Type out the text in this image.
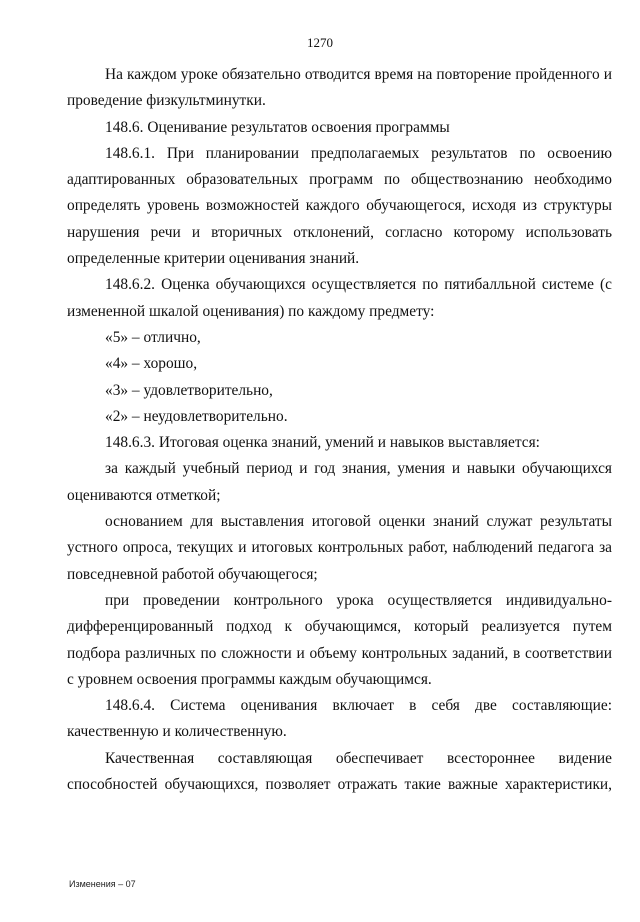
1270

На каждом уроке обязательно отводится время на повторение пройденного и проведение физкультминутки.

148.6. Оценивание результатов освоения программы

148.6.1. При планировании предполагаемых результатов по освоению адаптированных образовательных программ по обществознанию необходимо определять уровень возможностей каждого обучающегося, исходя из структуры нарушения речи и вторичных отклонений, согласно которому использовать определенные критерии оценивания знаний.

148.6.2. Оценка обучающихся осуществляется по пятибалльной системе (с измененной шкалой оценивания) по каждому предмету:

«5» – отлично,

«4» – хорошо,

«3» – удовлетворительно,

«2» – неудовлетворительно.

148.6.3. Итоговая оценка знаний, умений и навыков выставляется:

за каждый учебный период и год знания, умения и навыки обучающихся оцениваются отметкой;

основанием для выставления итоговой оценки знаний служат результаты устного опроса, текущих и итоговых контрольных работ, наблюдений педагога за повседневной работой обучающегося;

при проведении контрольного урока осуществляется индивидуально-дифференцированный подход к обучающимся, который реализуется путем подбора различных по сложности и объему контрольных заданий, в соответствии с уровнем освоения программы каждым обучающимся.

148.6.4. Система оценивания включает в себя две составляющие: качественную и количественную.

Качественная составляющая обеспечивает всестороннее видение способностей обучающихся, позволяет отражать такие важные характеристики,

Изменения – 07
